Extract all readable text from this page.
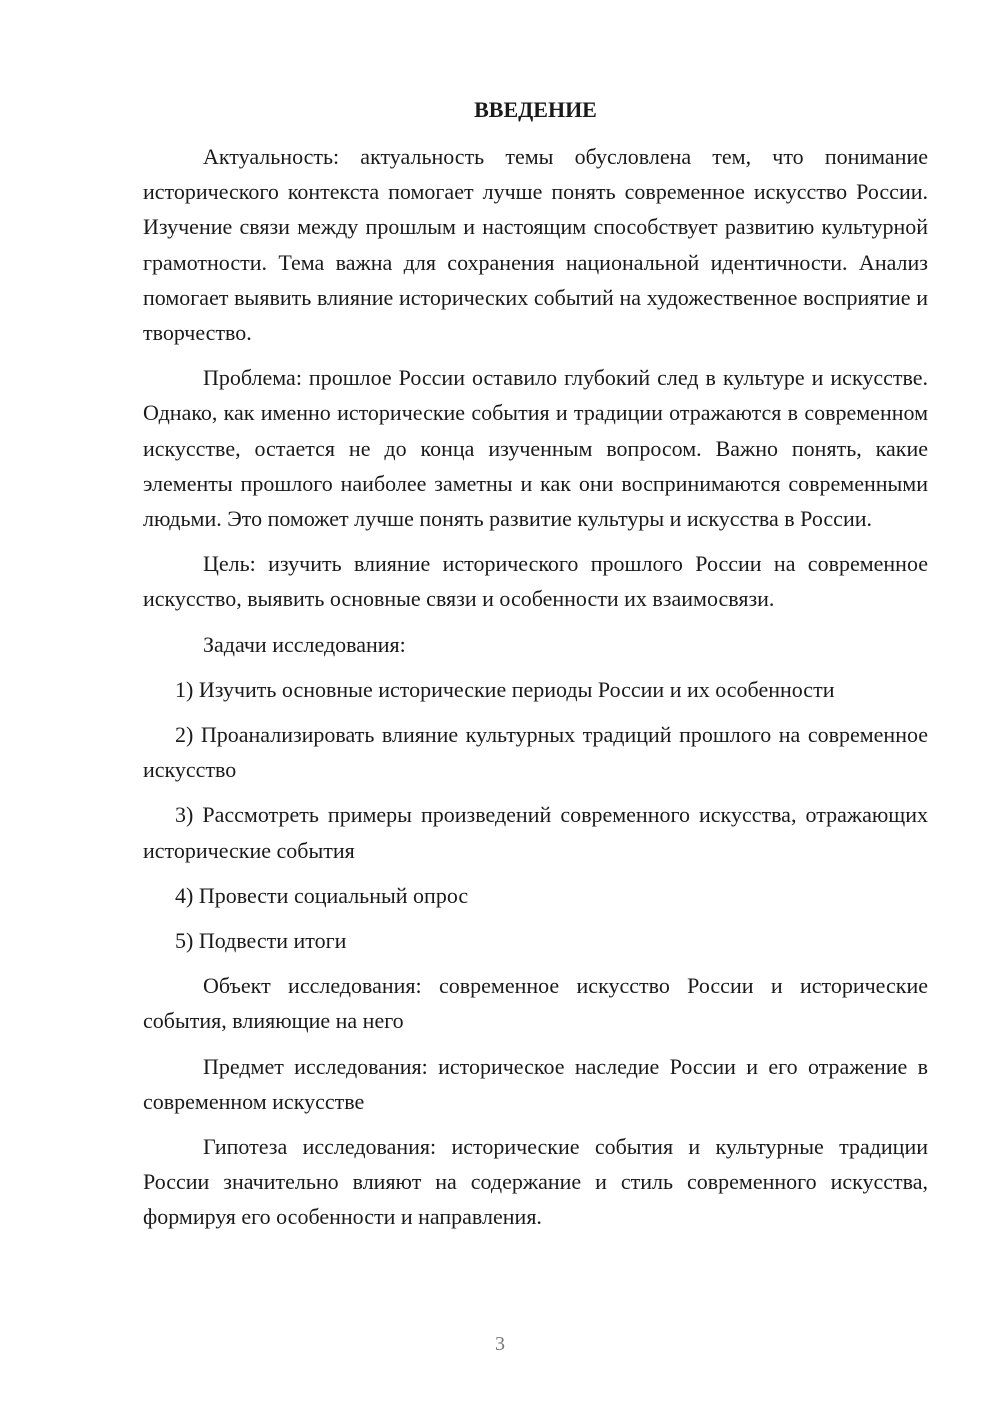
ВВЕДЕНИЕ

Актуальность: актуальность темы обусловлена тем, что понимание исторического контекста помогает лучше понять современное искусство России. Изучение связи между прошлым и настоящим способствует развитию культурной грамотности. Тема важна для сохранения национальной идентичности. Анализ помогает выявить влияние исторических событий на художественное восприятие и творчество.

Проблема: прошлое России оставило глубокий след в культуре и искусстве. Однако, как именно исторические события и традиции отражаются в современном искусстве, остается не до конца изученным вопросом. Важно понять, какие элементы прошлого наиболее заметны и как они воспринимаются современными людьми. Это поможет лучше понять развитие культуры и искусства в России.

Цель: изучить влияние исторического прошлого России на современное искусство, выявить основные связи и особенности их взаимосвязи.

Задачи исследования:

1) Изучить основные исторические периоды России и их особенности

2) Проанализировать влияние культурных традиций прошлого на современное искусство

3) Рассмотреть примеры произведений современного искусства, отражающих исторические события

4) Провести социальный опрос

5) Подвести итоги

Объект исследования: современное искусство России и исторические события, влияющие на него

Предмет исследования: историческое наследие России и его отражение в современном искусстве

Гипотеза исследования: исторические события и культурные традиции России значительно влияют на содержание и стиль современного искусства, формируя его особенности и направления.

3
